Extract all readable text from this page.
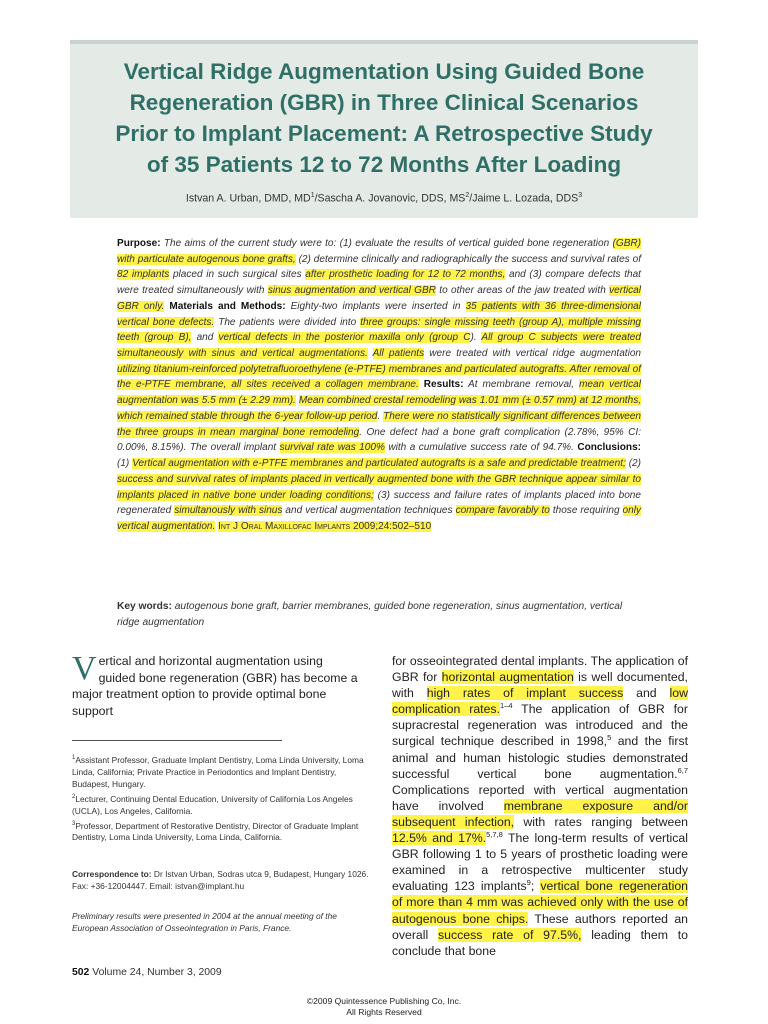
Vertical Ridge Augmentation Using Guided Bone
Regeneration (GBR) in Three Clinical Scenarios
Prior to Implant Placement: A Retrospective Study
of 35 Patients 12 to 72 Months After Loading
Istvan A. Urban, DMD, $MD^1$/Sascha A. Jovanovic, DDS, $MS^2$/Jaime L. Lozada, DDS$^3$

Purpose: The aims of the current study were to: (1) evaluate the results of vertical guided bone regeneration (GBR) with particulate autogenous bone grafts, (2) determine clinically and radiographically the success and survival rates of 82 implants placed in such surgical sites after prosthetic loading for 12 to 72 months, and (3) compare defects that were treated simultaneously with sinus augmentation and vertical GBR to other areas of the jaw treated with vertical GBR only. Materials and Methods: Eighty-two implants were inserted in 35 patients with 36 three-dimensional vertical bone defects. The patients were divided into three groups: single missing teeth (group A), multiple missing teeth (group B), and vertical defects in the posterior maxilla only (group C). All group C subjects were treated simultaneously with sinus and vertical augmentations. All patients were treated with vertical ridge augmentation utilizing titanium-reinforced polytetrafluoroethylene (e-PTFE) membranes and particulated autografts. After removal of the e-PTFE membrane, all sites received a collagen membrane. Results: At membrane removal, mean vertical augmentation was 5.5 mm (± 2.29 mm). Mean combined crestal remodeling was 1.01 mm (± 0.57 mm) at 12 months, which remained stable through the 6-year follow-up period. There were no statistically significant differences between the three groups in mean marginal bone remodeling. One defect had a bone graft complication (2.78%, 95% CI: 0.00%, 8.15%). The overall implant survival rate was 100% with a cumulative success rate of 94.7%. Conclusions: (1) Vertical augmentation with e-PTFE membranes and particulated autografts is a safe and predictable treatment; (2) success and survival rates of implants placed in vertically augmented bone with the GBR technique appear similar to implants placed in native bone under loading conditions; (3) success and failure rates of implants placed into bone regenerated simultanously with sinus and vertical augmentation techniques compare favorably to those requiring only vertical augmentation. Int J Oral Maxillofac Implants 2009;24:502–510

Key words: autogenous bone graft, barrier membranes, guided bone regeneration, sinus augmentation, vertical ridge augmentation

Vertical and horizontal augmentation using guided bone regeneration (GBR) has become a major treatment option to provide optimal bone support

$^1$Assistant Professor, Graduate Implant Dentistry, Loma Linda University, Loma Linda, California; Private Practice in Periodontics and Implant Dentistry, Budapest, Hungary.

$^2$Lecturer, Continuing Dental Education, University of California Los Angeles (UCLA), Los Angeles, California.

$^3$Professor, Department of Restorative Dentistry, Director of Graduate Implant Dentistry, Loma Linda University, Loma Linda, California.

Correspondence to: Dr Istvan Urban, Sodras utca 9, Budapest, Hungary 1026. Fax: +36-12004447. Email: istvan@implant.hu

Preliminary results were presented in 2004 at the annual meeting of the European Association of Osseointegration in Paris, France.

for osseointegrated dental implants. The application of GBR for horizontal augmentation is well documented, with high rates of implant success and low complication rates.$^{1-4}$ The application of GBR for supracrestal regeneration was introduced and the surgical technique described in 1998,$^5$ and the first animal and human histologic studies demonstrated successful vertical bone augmentation.$^{6,7}$ Complications reported with vertical augmentation have involved membrane exposure and/or subsequent infection, with rates ranging between 12.5% and 17%.$^{5,7,8}$ The long-term results of vertical GBR following 1 to 5 years of prosthetic loading were examined in a retrospective multicenter study evaluating 123 implants$^9$; vertical bone regeneration of more than 4 mm was achieved only with the use of autogenous bone chips. These authors reported an overall success rate of 97.5%, leading them to conclude that bone

502 Volume 24, Number 3, 2009
©2009 Quintessence Publishing Co, Inc.
All Rights Reserved
